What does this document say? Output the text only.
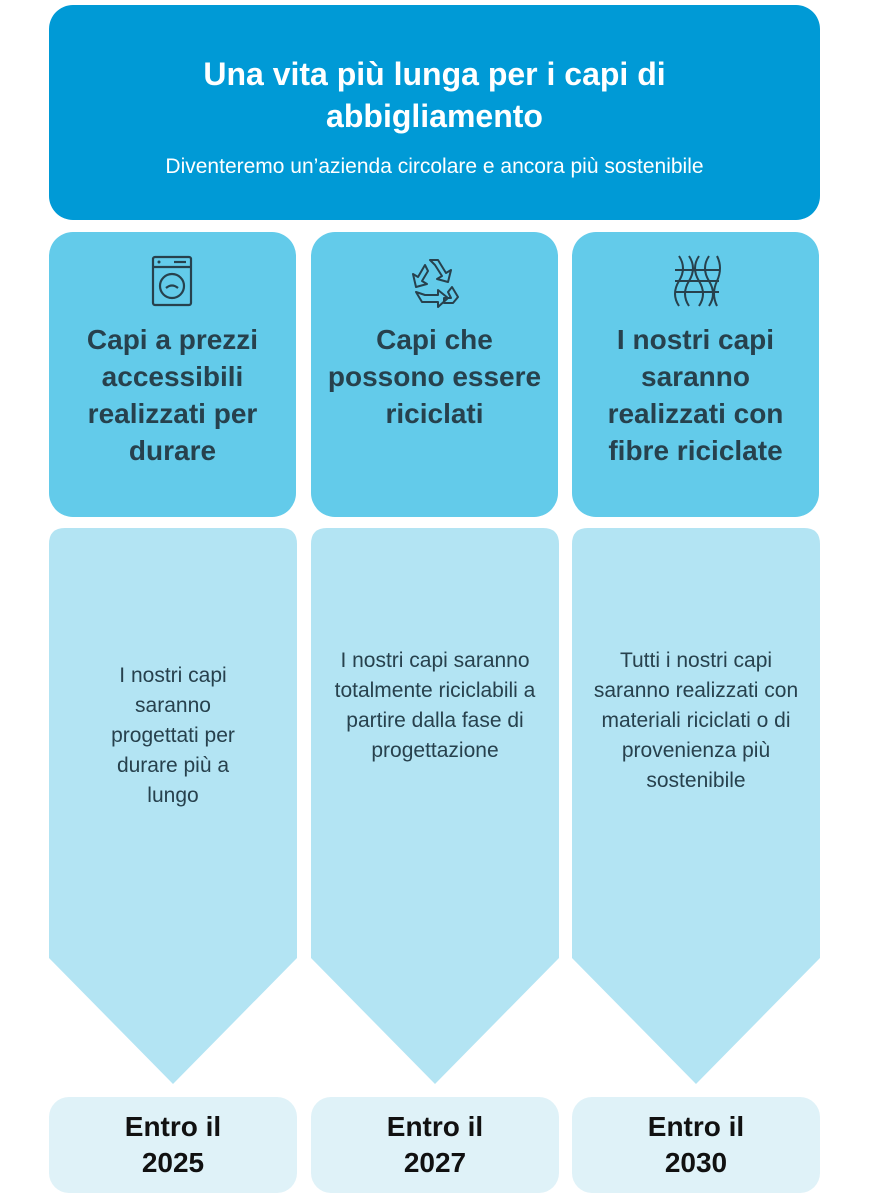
Una vita più lunga per i capi di abbigliamento
Diventeremo un’azienda circolare e ancora più sostenibile
Capi a prezzi accessibili realizzati per durare
I nostri capi saranno progettati per durare più a lungo
Entro il
2025
Capi che possono essere riciclati
I nostri capi saranno totalmente riciclabili a partire dalla fase di progettazione
Entro il
2027
I nostri capi saranno realizzati con fibre riciclate
Tutti i nostri capi saranno realizzati con materiali riciclati o di provenienza più sostenibile
Entro il
2030
